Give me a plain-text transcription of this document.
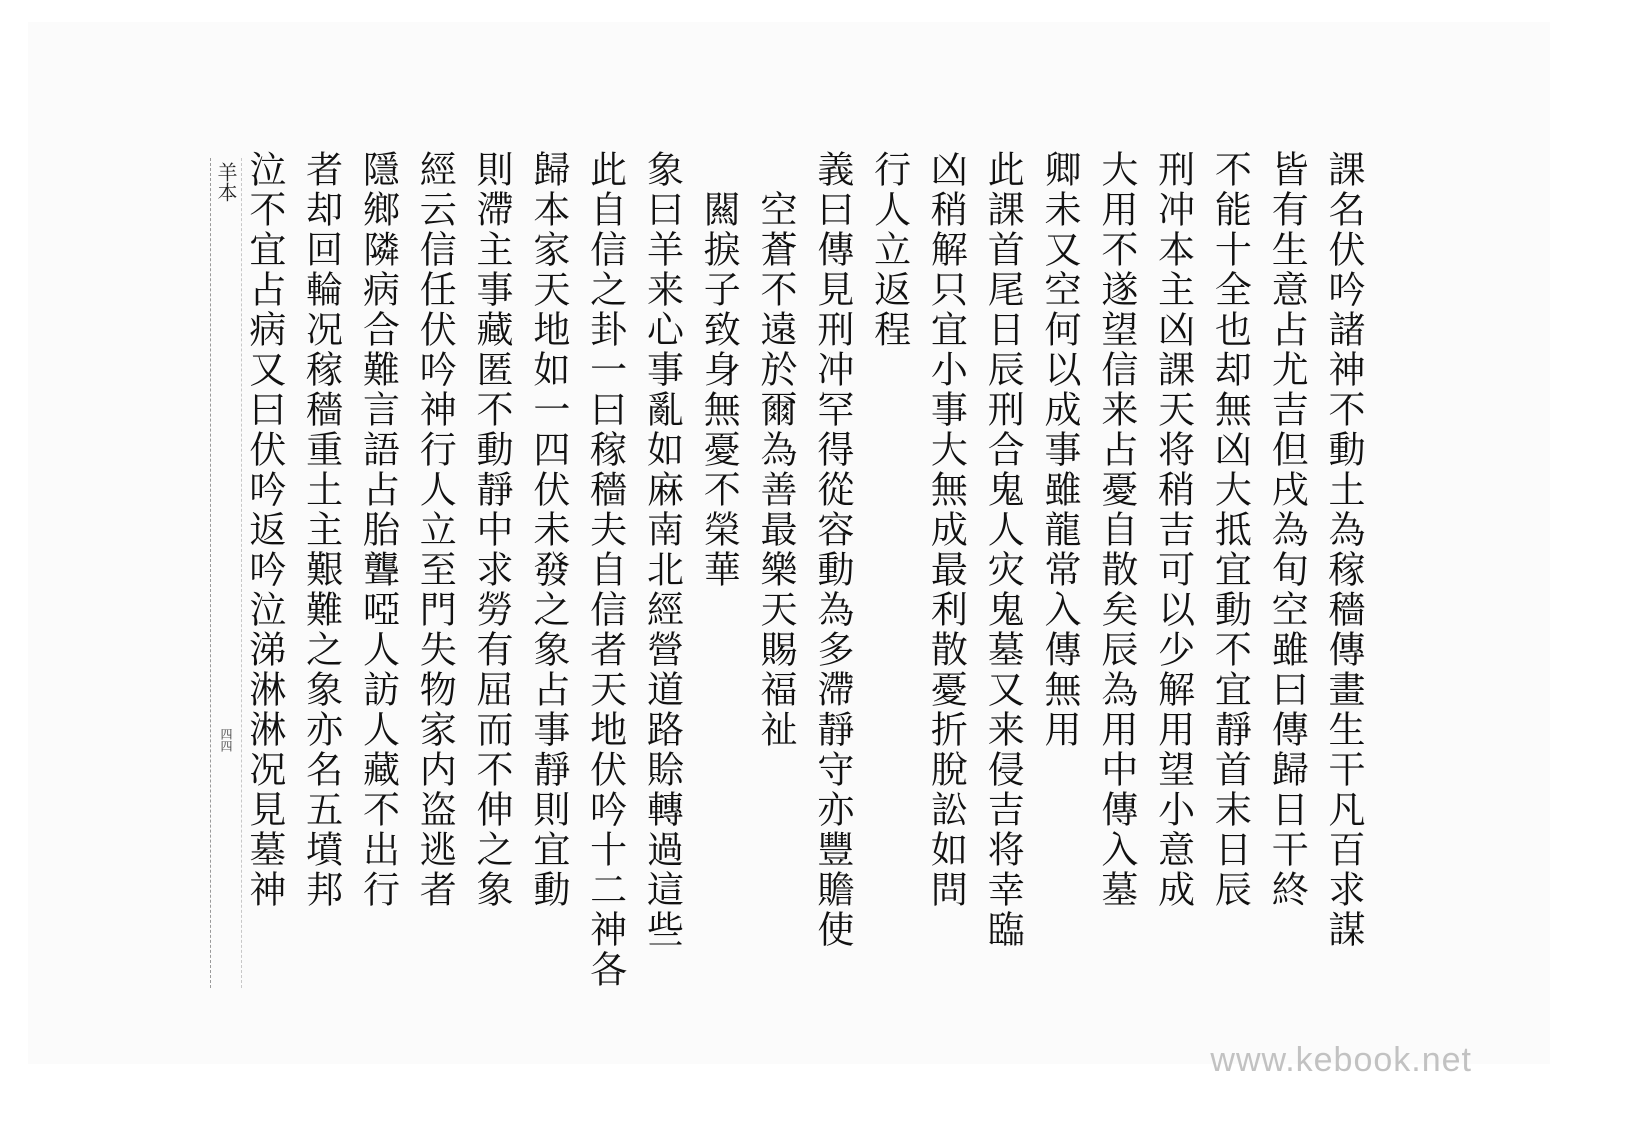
羊本
四四	課名伏吟諸神不動土為稼穡傳畫生干凡百求謀
皆有生意占尤吉但戌為旬空雖曰傳歸日干終
不能十全也却無凶大抵宜動不宜靜首末日辰
刑冲本主凶課天将稍吉可以少解用望小意成
大用不遂望信来占憂自散矣辰為用中傳入墓
卿未又空何以成事雖龍常入傳無用
此課首尾日辰刑合鬼人灾鬼墓又来侵吉将幸臨
凶稍解只宜小事大無成最利散憂折脫訟如問
行人立返程
義曰傳見刑冲罕得從容動為多滯靜守亦豐贍使
　空蒼不遠於爾為善最樂天賜福祉
　闗捩子致身無憂不榮華
象曰羊来心事亂如麻南北經營道路賒轉過這些
此自信之卦一曰稼穡夫自信者天地伏吟十二神各
歸本家天地如一四伏未發之象占事靜則宜動
則滯主事藏匿不動靜中求勞有屈而不伸之象
經云信任伏吟神行人立至門失物家内盗逃者
隱鄉隣病合難言語占胎聾啞人訪人藏不出行
者却回輪况稼穡重土主艱難之象亦名五墳邦
泣不宜占病又曰伏吟返吟泣涕淋淋况見墓神
www.kebook.net
